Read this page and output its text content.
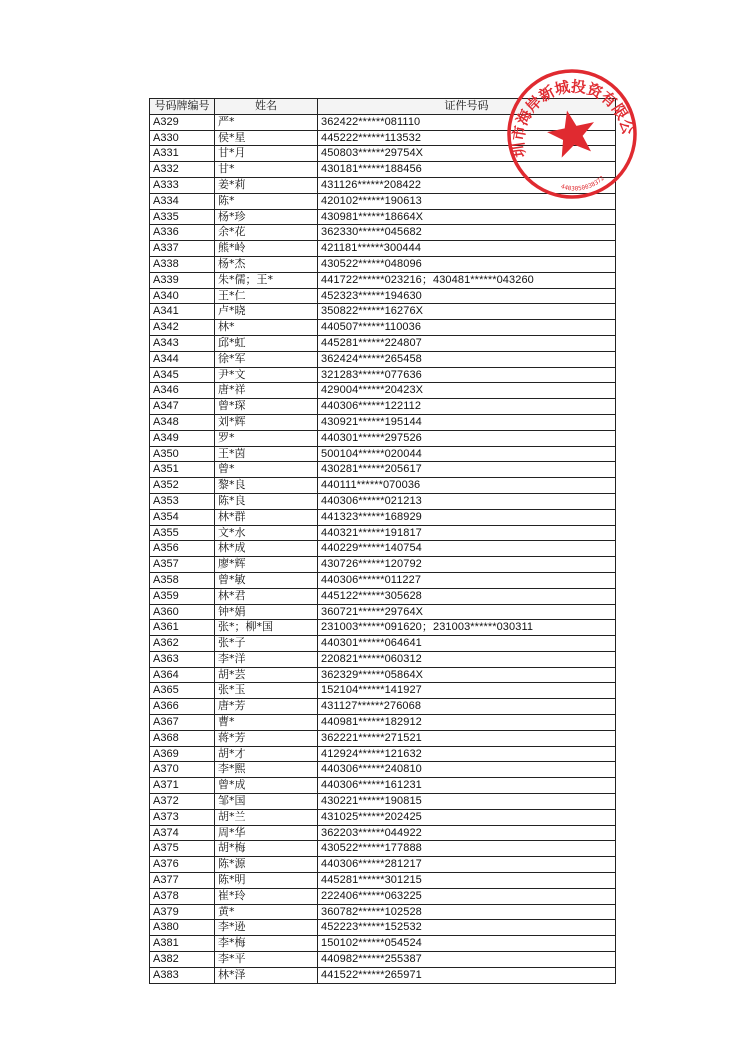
号码牌编号	姓名	证件号码
A329	严*	362422******081110
A330	侯*星	445222******113532
A331	甘*月	450803******29754X
A332	甘*	430181******188456
A333	姜*莉	431126******208422
A334	陈*	420102******190613
A335	杨*珍	430981******18664X
A336	余*花	362330******045682
A337	熊*岭	421181******300444
A338	杨*杰	430522******048096
A339	朱*儒；王*	441722******023216；430481******043260
A340	王*仁	452323******194630
A341	卢*晓	350822******16276X
A342	林*	440507******110036
A343	邱*虹	445281******224807
A344	徐*军	362424******265458
A345	尹*文	321283******077636
A346	唐*祥	429004******20423X
A347	曾*琛	440306******122112
A348	刘*辉	430921******195144
A349	罗*	440301******297526
A350	王*茵	500104******020044
A351	曾*	430281******205617
A352	黎*良	440111******070036
A353	陈*良	440306******021213
A354	林*群	441323******168929
A355	文*水	440321******191817
A356	林*成	440229******140754
A357	廖*辉	430726******120792
A358	曾*敏	440306******011227
A359	林*君	445122******305628
A360	钟*娟	360721******29764X
A361	张*；柳*国	231003******091620；231003******030311
A362	张*子	440301******064641
A363	李*洋	220821******060312
A364	胡*芸	362329******05864X
A365	张*玉	152104******141927
A366	唐*芳	431127******276068
A367	曹*	440981******182912
A368	蒋*芳	362221******271521
A369	胡*才	412924******121632
A370	李*熙	440306******240810
A371	曾*成	440306******161231
A372	邹*国	430221******190815
A373	胡*兰	431025******202425
A374	周*华	362203******044922
A375	胡*梅	430522******177888
A376	陈*源	440306******281217
A377	陈*明	445281******301215
A378	崔*玲	222406******063225
A379	黄*	360782******102528
A380	李*逊	452223******152532
A381	李*梅	150102******054524
A382	李*平	440982******255387
A383	林*泽	441522******265971
深圳市海岸新城投资有限公司
4403050038372
